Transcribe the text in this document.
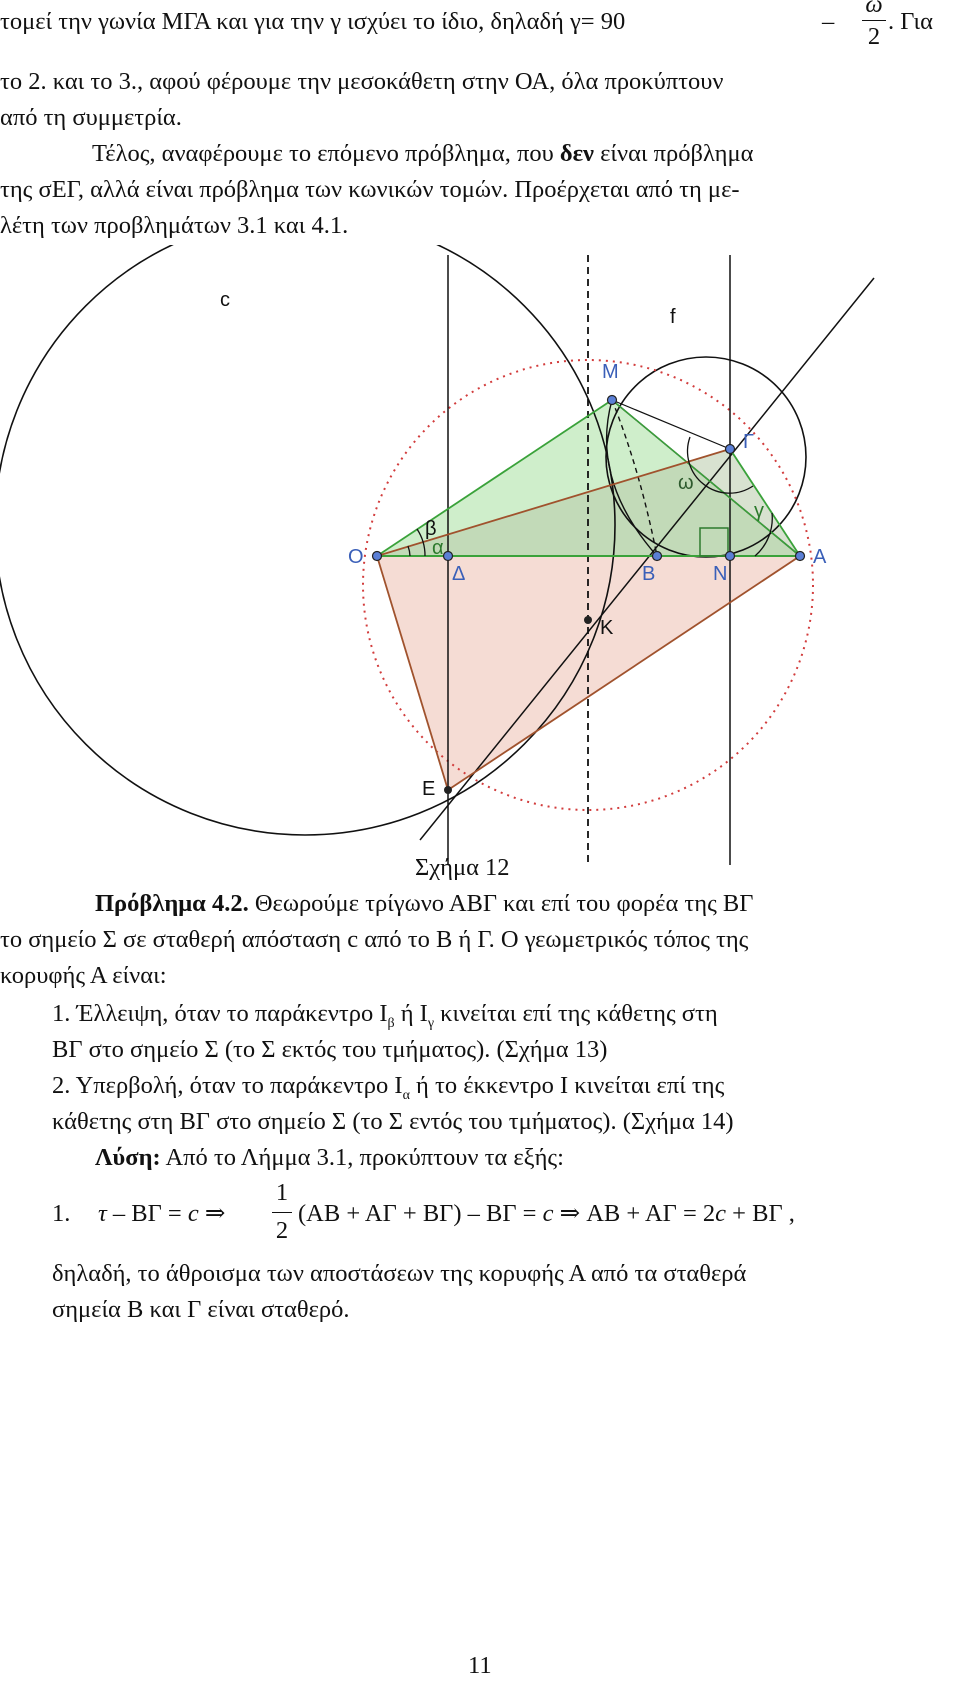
τομεί την γωνία ΜΓΑ και για την γ ισχύει το ίδιο, δηλαδή γ= 90	–
ω
2
. Για
το 2. και το 3., αφού φέρουμε την μεσοκάθετη στην ΟΑ, όλα προκύπτουν
από τη συμμετρία.
Τέλος, αναφέρουμε το επόμενο πρόβλημα, που δεν είναι πρόβλημα
της σΕΓ, αλλά είναι πρόβλημα των κωνικών τομών. Προέρχεται από τη με-
λέτη των προβλημάτων 3.1 και 4.1.
c
f
M
Γ
O
Δ	B	N
A
K
E
β
α
ω
γ
Σχήμα 12
Πρόβλημα 4.2. Θεωρούμε τρίγωνο ΑΒΓ και επί του φορέα της ΒΓ
το σημείο Σ σε σταθερή απόσταση c από το Β ή Γ. Ο γεωμετρικός τόπος της
κορυφής Α είναι:
1. Έλλειψη, όταν το παράκεντρο $I_\beta$ ή $I_\gamma$ κινείται επί της κάθετης στη
ΒΓ στο σημείο Σ (το Σ εκτός του τμήματος). (Σχήμα 13)
2. Υπερβολή, όταν το παράκεντρο $I_\alpha$ ή το έκκεντρο Ι κινείται επί της
κάθετης στη ΒΓ στο σημείο Σ (το Σ εντός του τμήματος). (Σχήμα 14)
Λύση: Από το Λήμμα 3.1, προκύπτουν τα εξής:
1. τ – ΒΓ = c ⇒
1
2
(ΑΒ + ΑΓ + ΒΓ) – ΒΓ = c ⇒ ΑΒ + ΑΓ = 2c + ΒΓ ,
δηλαδή, το άθροισμα των αποστάσεων της κορυφής Α από τα σταθερά
σημεία Β και Γ είναι σταθερό.
11
